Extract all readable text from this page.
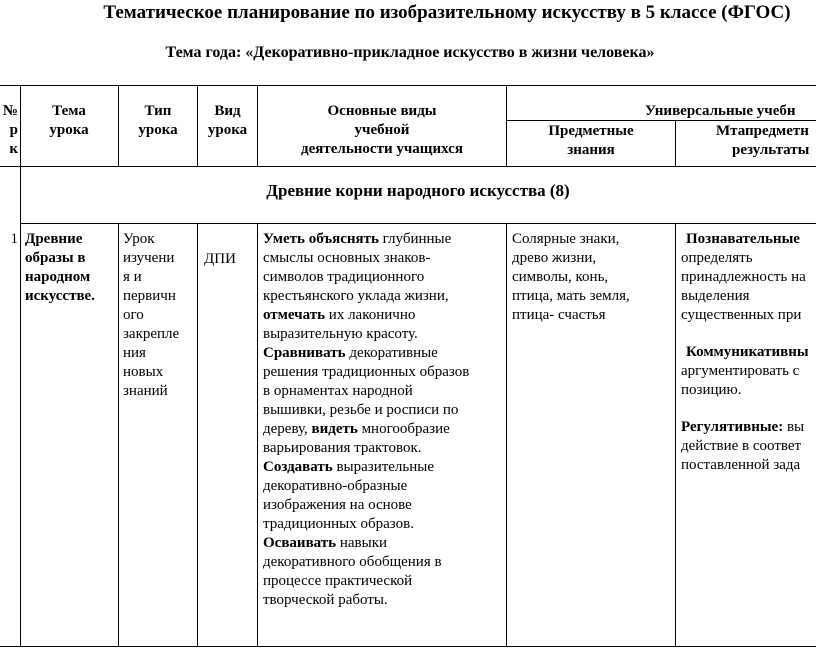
Тематическое планирование по изобразительному искусству в 5 классе (ФГОС)
Тема года: «Декоративно-прикладное искусство в жизни человека»
№
р
к
Тема
урока
Тип
урока
Вид
урока
Основные виды
учебной
деятельности учащихся
Универсальные учебн
Предметные
знания
Мтапредметн
результаты
Древние корни народного искусства (8)
1 Древние
образы в
народном
искусстве.
Урок
изучени
я и
первичн
ого
закрепле
ния
новых
знаний
ДПИ
Уметь объяснять глубинные
смыслы основных знаков-
символов традиционного
крестьянского уклада жизни,
отмечать их лаконично
выразительную красоту.
Сравнивать декоративные
решения традиционных образов
в орнаментах народной
вышивки, резьбе и росписи по
дереву, видеть многообразие
варьирования трактовок.
Создавать выразительные
декоративно-образные
изображения на основе
традиционных образов.
Осваивать навыки
декоративного обобщения в
процессе практической
творческой работы.
Солярные знаки,
древо жизни,
символы, конь,
птица, мать земля,
птица- счастья
Познавательные
определять
принадлежность на
выделения
существенных при
Коммуникативны
аргументировать с
позицию.
Регулятивные: вы
действие в соответ
поставленной зада
